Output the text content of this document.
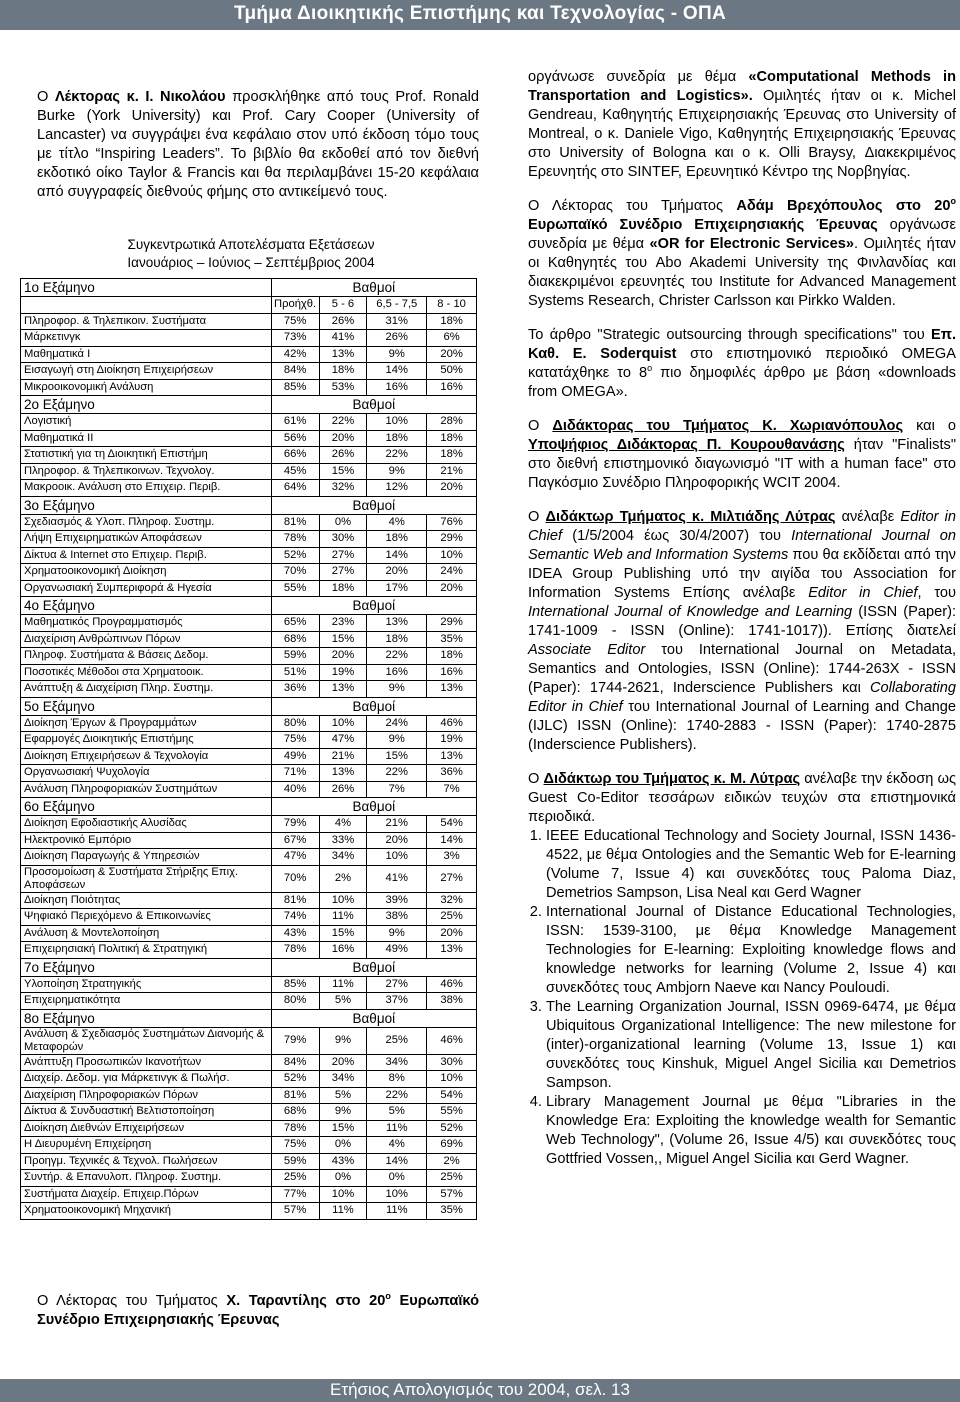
Τμήμα Διοικητικής Επιστήμης και Τεχνολογίας - ΟΠΑ
Ο Λέκτορας κ. Ι. Νικολάου προσκλήθηκε από τους Prof. Ronald Burke (York University) και Prof. Cary Cooper (University of Lancaster) να συγγράψει ένα κεφάλαιο στον υπό έκδοση τόμο τους με τίτλο “Inspiring Leaders”. Το βιβλίο θα εκδοθεί από τον διεθνή εκδοτικό οίκο Taylor & Francis και θα περιλαμβάνει 15-20 κεφάλαια από συγγραφείς διεθνούς φήμης στο αντικείμενό τους.
Συγκεντρωτικά Αποτελέσματα Εξετάσεων
Ιανουάριος – Ιούνιος – Σεπτέμβριος 2004
1ο Εξάμηνο	Βαθμοί			
	Προήχθ.	5 - 6	6,5 - 7,5	8 - 10
Πληροφορ. & Τηλεπικοιν. Συστήματα	75%	26%	31%	18%
Μάρκετινγκ	73%	41%	26%	6%
Μαθηματικά Ι	42%	13%	9%	20%
Εισαγωγή στη Διοίκηση Επιχειρήσεων	84%	18%	14%	50%
Μικροοικονομική Ανάλυση	85%	53%	16%	16%
2ο Εξάμηνο	Βαθμοί			
Λογιστική	61%	22%	10%	28%
Μαθηματικά ΙΙ	56%	20%	18%	18%
Στατιστική για τη Διοικητική Επιστήμη	66%	26%	22%	18%
Πληροφορ. & Τηλεπικοινων. Τεχνολογ.	45%	15%	9%	21%
Μακροοικ. Ανάλυση στο Επιχειρ. Περιβ.	64%	32%	12%	20%
3ο Εξάμηνο	Βαθμοί			
Σχεδιασμός & Υλοπ. Πληροφ. Συστημ.	81%	0%	4%	76%
Λήψη Επιχειρηματικών Αποφάσεων	78%	30%	18%	29%
Δίκτυα & Internet στο Επιχειρ. Περιβ.	52%	27%	14%	10%
Χρηματοοικονομική Διοίκηση	70%	27%	20%	24%
Οργανωσιακή Συμπεριφορά & Ηγεσία	55%	18%	17%	20%
4ο Εξάμηνο	Βαθμοί			
Μαθηματικός Προγραμματισμός	65%	23%	13%	29%
Διαχείριση Ανθρώπινων Πόρων	68%	15%	18%	35%
Πληροφ. Συστήματα & Βάσεις Δεδομ.	59%	20%	22%	18%
Ποσοτικές Μέθοδοι στα Χρηματοοικ.	51%	19%	16%	16%
Ανάπτυξη & Διαχείριση Πληρ. Συστημ.	36%	13%	9%	13%
5ο Εξάμηνο	Βαθμοί			
Διοίκηση Έργων & Προγραμμάτων	80%	10%	24%	46%
Εφαρμογές Διοικητικής Επιστήμης	75%	47%	9%	19%
Διοίκηση Επιχειρήσεων & Τεχνολογία	49%	21%	15%	13%
Οργανωσιακή Ψυχολογία	71%	13%	22%	36%
Ανάλυση Πληροφοριακών Συστημάτων	40%	26%	7%	7%
6ο Εξάμηνο	Βαθμοί			
Διοίκηση Εφοδιαστικής Αλυσίδας	79%	4%	21%	54%
Ηλεκτρονικό Εμπόριο	67%	33%	20%	14%
Διοίκηση Παραγωγής & Υπηρεσιών	47%	34%	10%	3%
Προσομοίωση & Συστήματα Στήριξης Επιχ. Αποφάσεων	70%	2%	41%	27%
Διοίκηση Ποιότητας	81%	10%	39%	32%
Ψηφιακό Περιεχόμενο & Επικοινωνίες	74%	11%	38%	25%
Ανάλυση & Μοντελοποίηση	43%	15%	9%	20%
Επιχειρησιακή Πολιτική & Στρατηγική	78%	16%	49%	13%
7ο Εξάμηνο	Βαθμοί			
Υλοποίηση Στρατηγικής	85%	11%	27%	46%
Επιχειρηματικότητα	80%	5%	37%	38%
8ο Εξάμηνο	Βαθμοί			
Ανάλυση & Σχεδιασμός Συστημάτων Διανομής & Μεταφορών	79%	9%	25%	46%
Ανάπτυξη Προσωπικών Ικανοτήτων	84%	20%	34%	30%
Διαχείρ. Δεδομ. για Μάρκετινγκ & Πωλήσ.	52%	34%	8%	10%
Διαχείριση Πληροφοριακών Πόρων	81%	5%	22%	54%
Δίκτυα & Συνδυαστική Βελτιστοποίηση	68%	9%	5%	55%
Διοίκηση Διεθνών Επιχειρήσεων	78%	15%	11%	52%
Η Διευρυμένη Επιχείρηση	75%	0%	4%	69%
Προηγμ. Τεχνικές & Τεχνολ. Πωλήσεων	59%	43%	14%	2%
Συντήρ. & Επανυλοπ. Πληροφ. Συστημ.	25%	0%	0%	25%
Συστήματα Διαχείρ. Επιχειρ.Πόρων	77%	10%	10%	57%
Χρηματοοικονομική Μηχανική	57%	11%	11%	35%
Ο Λέκτορας του Τμήματος Χ. Ταραντίλης στο $20^o$ Ευρωπαϊκό Συνέδριο Επιχειρησιακής Έρευνας

οργάνωσε συνεδρία με θέμα «Computational Methods in Transportation and Logistics». Ομιλητές ήταν οι κ. Michel Gendreau, Καθηγητής Επιχειρησιακής Έρευνας στο University of Montreal, ο κ. Daniele Vigo, Καθηγητής Επιχειρησιακής Έρευνας στο University of Bologna και ο κ. Olli Braysy, Διακεκριμένος Ερευνητής στο SINTEF, Ερευνητικό Κέντρο της Νορβηγίας.

Ο Λέκτορας του Τμήματος Αδάμ Βρεχόπουλος στο $20^o$ Ευρωπαϊκό Συνέδριο Επιχειρησιακής Έρευνας οργάνωσε συνεδρία με θέμα «OR for Electronic Services». Ομιλητές ήταν οι Καθηγητές του Abo Akademi University της Φινλανδίας και διακεκριμένοι ερευνητές του Institute for Advanced Management Systems Research, Christer Carlsson και Pirkko Walden.

Το άρθρο "Strategic outsourcing through specifications" του Επ. Καθ. Ε. Soderquist στο επιστημονικό περιοδικό OMEGA κατατάχθηκε το $8^o$ πιο δημοφιλές άρθρο με βάση «downloads from OMEGA».

Ο Διδάκτορας του Τμήματος Κ. Χωριανόπουλος και ο Υποψήφιος Διδάκτορας Π. Κουρουθανάσης ήταν "Finalists" στο διεθνή επιστημονικό διαγωνισμό "IT with a human face" στο Παγκόσμιο Συνέδριο Πληροφορικής WCIT 2004.

Ο Διδάκτωρ Τμήματος κ. Μιλτιάδης Λύτρας ανέλαβε Editor in Chief (1/5/2004 έως 30/4/2007) του International Journal on Semantic Web and Information Systems που θα εκδίδεται από την IDEA Group Publishing υπό την αιγίδα του Association for Information Systems Επίσης ανέλαβε Editor in Chief, του International Journal of Knowledge and Learning (ISSN (Paper): 1741-1009 - ISSN (Online): 1741-1017)). Επίσης διατελεί Associate Editor του International Journal on Metadata, Semantics and Ontologies, ISSN (Online): 1744-263X - ISSN (Paper): 1744-2621, Inderscience Publishers και Collaborating Editor in Chief του International Journal of Learning and Change (IJLC) ISSN (Online): 1740-2883 - ISSN (Paper): 1740-2875 (Inderscience Publishers).

Ο Διδάκτωρ του Τμήματος κ. Μ. Λύτρας ανέλαβε την έκδοση ως Guest Co-Editor τεσσάρων ειδικών τευχών στα επιστημονικά περιοδικά.

1. IEEE Educational Technology and Society Journal, ISSN 1436-4522, με θέμα Ontologies and the Semantic Web for E-learning (Volume 7, Issue 4) και συνεκδότες τους Paloma Diaz, Demetrios Sampson, Lisa Neal και Gerd Wagner
2. International Journal of Distance Educational Technologies, ISSN: 1539-3100, με θέμα Knowledge Management Technologies for E-learning: Exploiting knowledge flows and knowledge networks for learning (Volume 2, Issue 4) και συνεκδότες τους Ambjorn Naeve και Nancy Pouloudi.
3. The Learning Organization Journal, ISSN 0969-6474, με θέμα Ubiquitous Organizational Intelligence: The new milestone for (inter)-organizational learning (Volume 13, Issue 1) και συνεκδότες τους Kinshuk, Miguel Angel Sicilia και Demetrios Sampson.
4. Library Management Journal με θέμα "Libraries in the Knowledge Era: Exploiting the knowledge wealth for Semantic Web Technology", (Volume 26, Issue 4/5) και συνεκδότες τους Gottfried Vossen,, Miguel Angel Sicilia και Gerd Wagner.
Ετήσιος Απολογισμός του 2004, σελ. 13
